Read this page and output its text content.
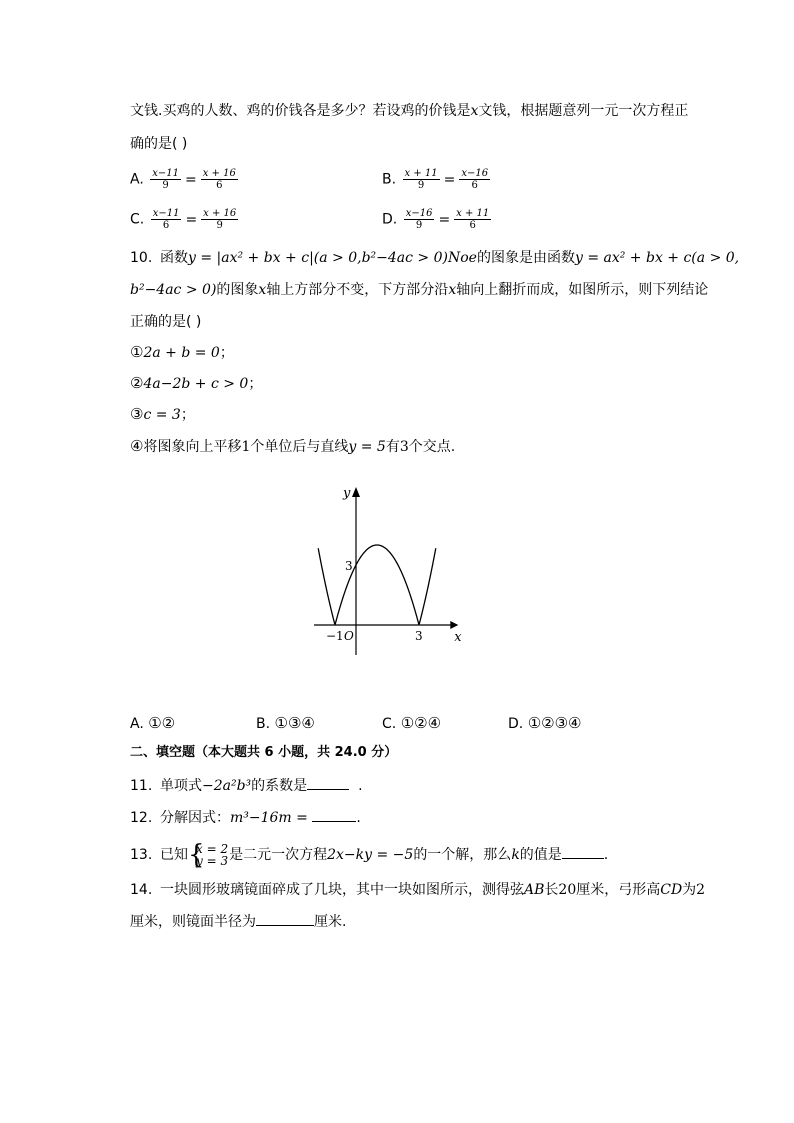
文钱.买鸡的人数、鸡的价钱各是多少？若设鸡的价钱是x文钱，根据题意列一元一次方程正
确的是( )
A. $\frac{x-11}{9} = \frac{x + 16}{6}$	B. $\frac{x + 11}{9} = \frac{x-16}{6}$
C. $\frac{x-11}{6} = \frac{x + 16}{9}$	D. $\frac{x-16}{9} = \frac{x + 11}{6}$
10. 函数y = |ax² + bx + c|(a > 0,b²−4ac > 0)Noe的图象是由函数y = ax² + bx + c(a > 0,
b²−4ac > 0)的图象x轴上方部分不变，下方部分沿x轴向上翻折而成，如图所示，则下列结论
正确的是( )
①2a + b = 0；
②4a−2b + c > 0；
③c = 3；
④将图象向上平移1个单位后与直线y = 5有3个交点.
y
x
3
−1 O	3
A. ①②	B. ①③④	C. ①②④	D. ①②③④
二、填空题（本大题共 6 小题，共 24.0 分）
11. 单项式−2a²b³的系数是	.
12. 分解因式：m³−16m =	.
13. 已知 {
x = 2
y = 3 是二元一次方程2x−ky = −5的一个解，那么k的值是	.
14. 一块圆形玻璃镜面碎成了几块，其中一块如图所示，测得弦AB长20厘米，弓形高CD为2
厘米，则镜面半径为	厘米.
